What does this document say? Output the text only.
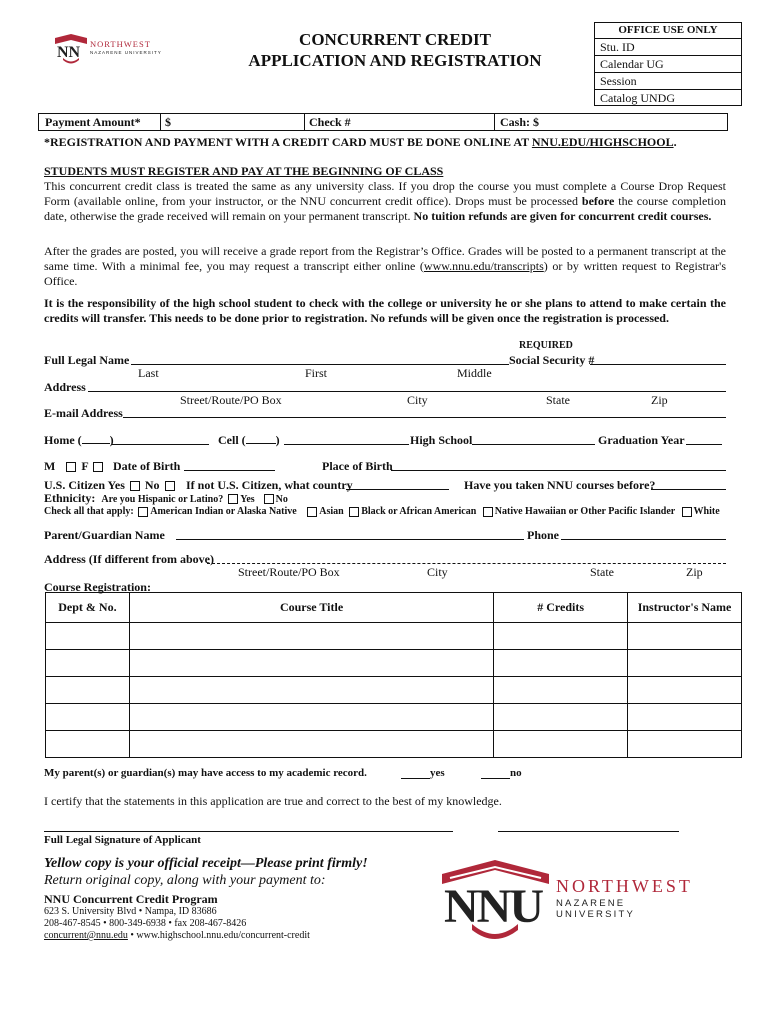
NN NORTHWEST
NAZARENE UNIVERSITY
CONCURRENT CREDIT
APPLICATION AND REGISTRATION
OFFICE USE ONLY
Stu. ID
Calendar UG
Session
Catalog UNDG
Payment Amount* $	Check #	Cash: $
*REGISTRATION AND PAYMENT WITH A CREDIT CARD MUST BE DONE ONLINE AT NNU.EDU/HIGHSCHOOL.
STUDENTS MUST REGISTER AND PAY AT THE BEGINNING OF CLASS
This concurrent credit class is treated the same as any university class. If you drop the course you must complete a Course Drop Request Form (available online, from your instructor, or the NNU concurrent credit office). Drops must be processed before the course completion date, otherwise the grade received will remain on your permanent transcript. No tuition refunds are given for concurrent credit courses.
After the grades are posted, you will receive a grade report from the Registrar’s Office. Grades will be posted to a permanent transcript at the same time. With a minimal fee, you may request a transcript either online (www.nnu.edu/transcripts) or by written request to Registrar's Office.
It is the responsibility of the high school student to check with the college or university he or she plans to attend to make certain the credits will transfer. This needs to be done prior to registration. No refunds will be given once the registration is processed.
REQUIRED
Full Legal Name	Social Security #
Last	First	Middle
Address
Street/Route/PO Box	City	State	Zip
E-mail Address
Home ( )	Cell (	)	High School	Graduation Year
M F	Date of Birth	Place of Birth
U.S. Citizen Yes No	If not U.S. Citizen, what country	Have you taken NNU courses before?
Ethnicity: Are you Hispanic or Latino? Yes No
Check all that apply: American Indian or Alaska Native Asian Black or African American Native Hawaiian or Other Pacific Islander White
Parent/Guardian Name	Phone
Address (If different from above)
Street/Route/PO Box	City	State	Zip
Course Registration:
Dept & No.	Course Title	# Credits	Instructor's Name

My parent(s) or guardian(s) may have access to my academic record.	yes	no
I certify that the statements in this application are true and correct to the best of my knowledge.
Full Legal Signature of Applicant
Yellow copy is your official receipt—Please print firmly!
Return original copy, along with your payment to:
NNU Concurrent Credit Program
623 S. University Blvd • Nampa, ID 83686
208-467-8545 • 800-349-6938 • fax 208-467-8426
concurrent@nnu.edu • www.highschool.nnu.edu/concurrent-credit
NNU NORTHWEST
NAZARENE UNIVERSITY
